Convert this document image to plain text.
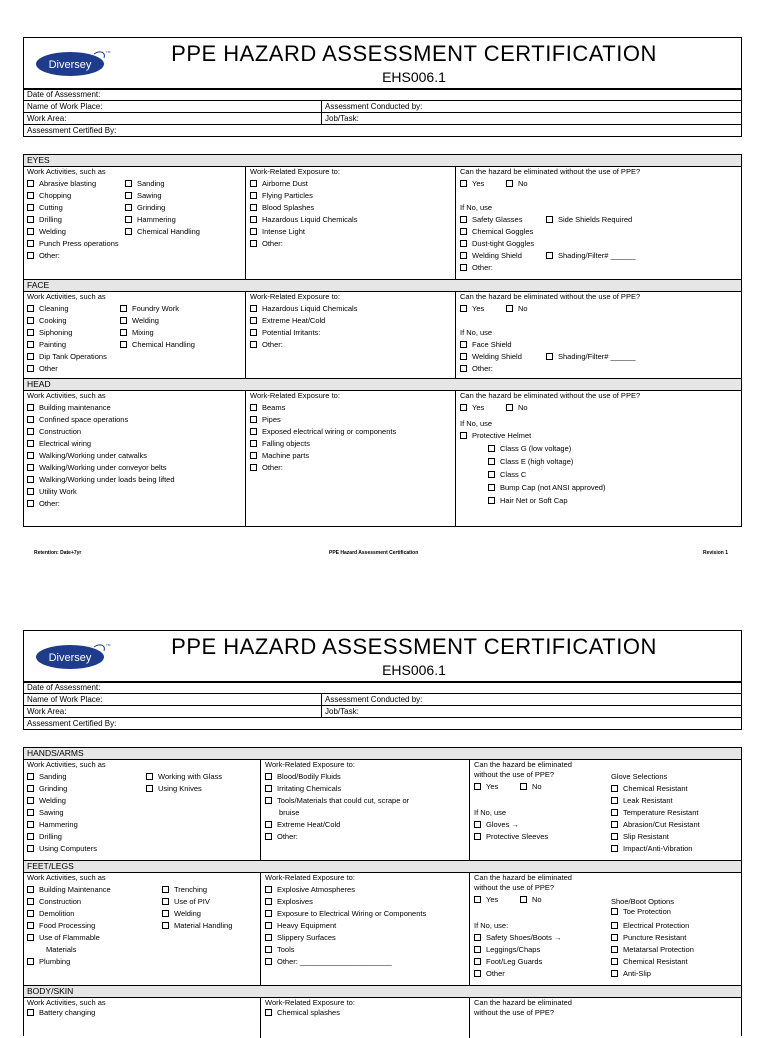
Diversey
TM	PPE HAZARD ASSESSMENT CERTIFICATION
EHS006.1
Date of Assessment:
Name of Work Place:	Assessment Conducted by:
Work Area:	Job/Task:
Assessment Certified By:
EYES
Work Activities, such as
Abrasive blasting
Chopping
Cutting
Drilling
Welding
Punch Press operations
Other:
Sanding
Sawing
Grinding
Hammering
Chemical Handling
Work-Related Exposure to:
Airborne Dust
Flying Particles
Blood Splashes
Hazardous Liquid Chemicals
Intense Light
Other:
Can the hazard be eliminated without the use of PPE?
Yes	No
If No, use
Safety Glasses	Side Shields Required
Chemical Goggles
Dust-tight Goggles
Welding Shield	Shading/Filter# ______
Other:
FACE
Work Activities, such as
Cleaning
Cooking
Siphoning
Painting
Dip Tank Operations
Other
Foundry Work
Welding
Mixing
Chemical Handling
Work-Related Exposure to:
Hazardous Liquid Chemicals
Extreme Heat/Cold
Potential Irritants:
Other:
Can the hazard be eliminated without the use of PPE?
Yes	No
If No, use
Face Shield
Welding Shield	Shading/Filter# ______
Other:
HEAD
Work Activities, such as
Building maintenance
Confined space operations
Construction
Electrical wiring
Walking/Working under catwalks
Walking/Working under conveyor belts
Walking/Working under loads being lifted
Utility Work
Other:
Work-Related Exposure to:
Beams
Pipes
Exposed electrical wiring or components
Falling objects
Machine parts
Other:
Can the hazard be eliminated without the use of PPE?
Yes	No
If No, use
Protective Helmet
Class G (low voltage)
Class E (high voltage)
Class C
Bump Cap (not ANSI approved)
Hair Net or Soft Cap
Retention: Date+7yr	PPE Hazard Assessment Certification	Revision 1
Diversey
TM	PPE HAZARD ASSESSMENT CERTIFICATION
EHS006.1
Date of Assessment:
Name of Work Place:	Assessment Conducted by:
Work Area:	Job/Task:
Assessment Certified By:
HANDS/ARMS
Work Activities, such as
Sanding
Grinding
Welding
Sawing
Hammering
Drilling
Using Computers
Working with Glass
Using Knives
Work-Related Exposure to:
Blood/Bodily Fluids
Irritating Chemicals
Tools/Materials that could cut, scrape or
bruise
Extreme Heat/Cold
Other:
Can the hazard be eliminated
without the use of PPE?
Yes	No
If No, use
Gloves →
Protective Sleeves
Glove Selections
Chemical Resistant
Leak Resistant
Temperature Resistant
Abrasion/Cut Resistant
Slip Resistant
Impact/Anti-Vibration
FEET/LEGS
Work Activities, such as
Building Maintenance
Construction
Demolition
Food Processing
Use of Flammable
Materials
Plumbing
Trenching
Use of PIV
Welding
Material Handling
Work-Related Exposure to:
Explosive Atmospheres
Explosives
Exposure to Electrical Wiring or Components
Heavy Equipment
Slippery Surfaces
Tools
Other: ______________________
Can the hazard be eliminated
without the use of PPE?
Yes	No
If No, use:
Safety Shoes/Boots →
Leggings/Chaps
Foot/Leg Guards
Other
Shoe/Boot Options
Toe Protection
Electrical Protection
Puncture Resistant
Metatarsal Protection
Chemical Resistant
Anti-Slip
BODY/SKIN
Work Activities, such as
Battery changing
Work-Related Exposure to:
Chemical splashes
Can the hazard be eliminated
without the use of PPE?
